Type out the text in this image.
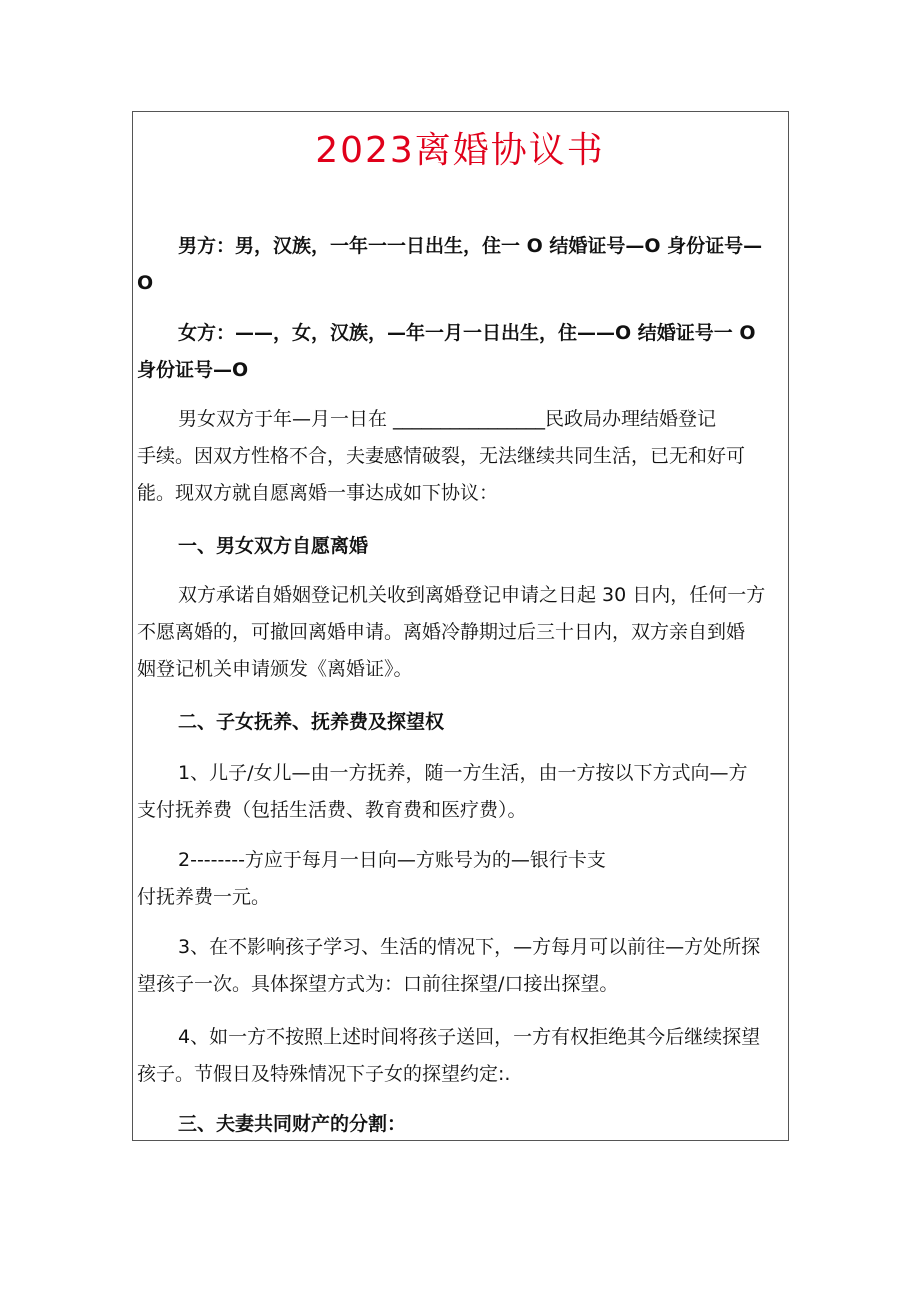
2023离婚协议书
男方：男，汉族，一年一一日出生，住一 O 结婚证号—O 身份证号—
O
女方：——，女，汉族，—年一月一日出生，住——O 结婚证号一 O
身份证号—O
男女双方于年—月一日在 ________________民政局办理结婚登记
手续。因双方性格不合，夫妻感情破裂，无法继续共同生活，已无和好可
能。现双方就自愿离婚一事达成如下协议：
一、男女双方自愿离婚
双方承诺自婚姻登记机关收到离婚登记申请之日起 30 日内，任何一方
不愿离婚的，可撤回离婚申请。离婚冷静期过后三十日内，双方亲自到婚
姻登记机关申请颁发《离婚证》。
二、子女抚养、抚养费及探望权
1、儿子/女儿—由一方抚养，随一方生活，由一方按以下方式向—方
支付抚养费（包括生活费、教育费和医疗费）。
2--------方应于每月一日向—方账号为的—银行卡支
付抚养费一元。
3、在不影响孩子学习、生活的情况下，—方每月可以前往—方处所探
望孩子一次。具体探望方式为：口前往探望/口接出探望。
4、如一方不按照上述时间将孩子送回，一方有权拒绝其今后继续探望
孩子。节假日及特殊情况下子女的探望约定:.
三、夫妻共同财产的分割：
